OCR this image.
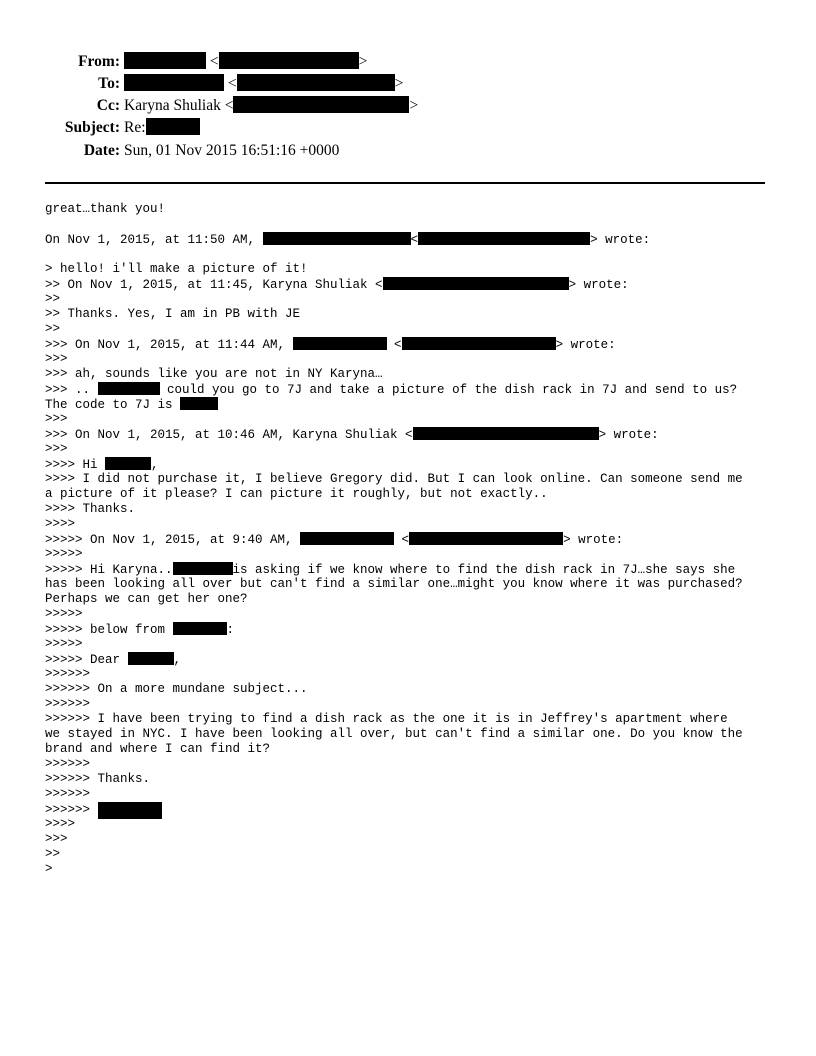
From:	<	>
To:	<	>
Cc: Karyna Shuliak <	>
Subject: Re:
Date: Sun, 01 Nov 2015 16:51:16 +0000
great…thank you!
On Nov 1, 2015, at 11:50 AM,	<	> wrote:
> hello! i'll make a picture of it!
>> On Nov 1, 2015, at 11:45, Karyna Shuliak <	> wrote:
>>
>> Thanks. Yes, I am in PB with JE
>>
>>> On Nov 1, 2015, at 11:44 AM,	<	> wrote:
>>>
>>> ah, sounds like you are not in NY Karyna…
>>> ..	could you go to 7J and take a picture of the dish rack in 7J and send to us?
The code to 7J is
>>>
>>> On Nov 1, 2015, at 10:46 AM, Karyna Shuliak <	> wrote:
>>>
>>>> Hi	,
>>>> I did not purchase it, I believe Gregory did. But I can look online. Can someone send me
a picture of it please? I can picture it roughly, but not exactly..
>>>> Thanks.
>>>>
>>>>> On Nov 1, 2015, at 9:40 AM,	<	> wrote:
>>>>>
>>>>> Hi Karyna..	is asking if we know where to find the dish rack in 7J…she says she
has been looking all over but can't find a similar one…might you know where it was purchased?
Perhaps we can get her one?
>>>>>
>>>>> below from	:
>>>>>
>>>>> Dear	,
>>>>>>
>>>>>> On a more mundane subject...
>>>>>>
>>>>>> I have been trying to find a dish rack as the one it is in Jeffrey's apartment where
we stayed in NYC. I have been looking all over, but can't find a similar one. Do you know the
brand and where I can find it?
>>>>>>
>>>>>> Thanks.
>>>>>>
>>>>>>
>>>>
>>>
>>
>
